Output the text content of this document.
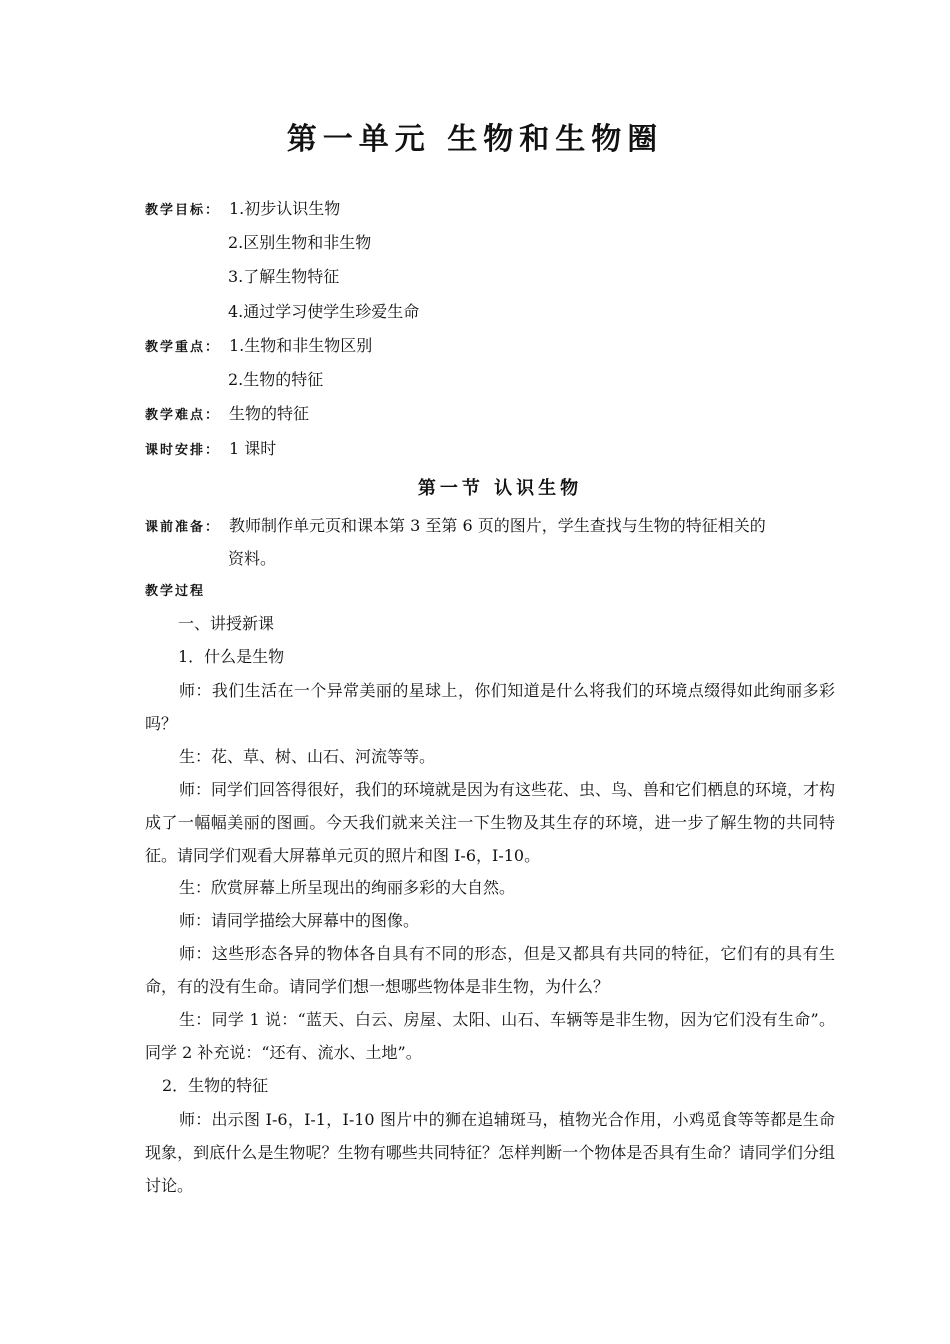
第一单元 生物和生物圈
教学目标： 1.初步认识生物
2.区别生物和非生物
3.了解生物特征
4.通过学习使学生珍爱生命
教学重点： 1.生物和非生物区别
2.生物的特征
教学难点： 生物的特征
课时安排： 1 课时
第一节 认识生物
课前准备： 教师制作单元页和课本第 3 至第 6 页的图片，学生查找与生物的特征相关的
资料。
教学过程
一、讲授新课
1．什么是生物
师：我们生活在一个异常美丽的星球上，你们知道是什么将我们的环境点缀得如此绚丽多彩吗？
生：花、草、树、山石、河流等等。
师：同学们回答得很好，我们的环境就是因为有这些花、虫、鸟、兽和它们栖息的环境，才构成了一幅幅美丽的图画。今天我们就来关注一下生物及其生存的环境，进一步了解生物的共同特征。请同学们观看大屏幕单元页的照片和图 I-6，I-10。
生：欣赏屏幕上所呈现出的绚丽多彩的大自然。
师：请同学描绘大屏幕中的图像。
师：这些形态各异的物体各自具有不同的形态，但是又都具有共同的特征，它们有的具有生命，有的没有生命。请同学们想一想哪些物体是非生物，为什么？
生：同学 1 说：“蓝天、白云、房屋、太阳、山石、车辆等是非生物，因为它们没有生命”。同学 2 补充说：“还有、流水、土地”。
2．生物的特征
师：出示图 I-6，I-1，I-10 图片中的狮在追辅斑马，植物光合作用，小鸡觅食等等都是生命现象，到底什么是生物呢？生物有哪些共同特征？怎样判断一个物体是否具有生命？请同学们分组讨论。
